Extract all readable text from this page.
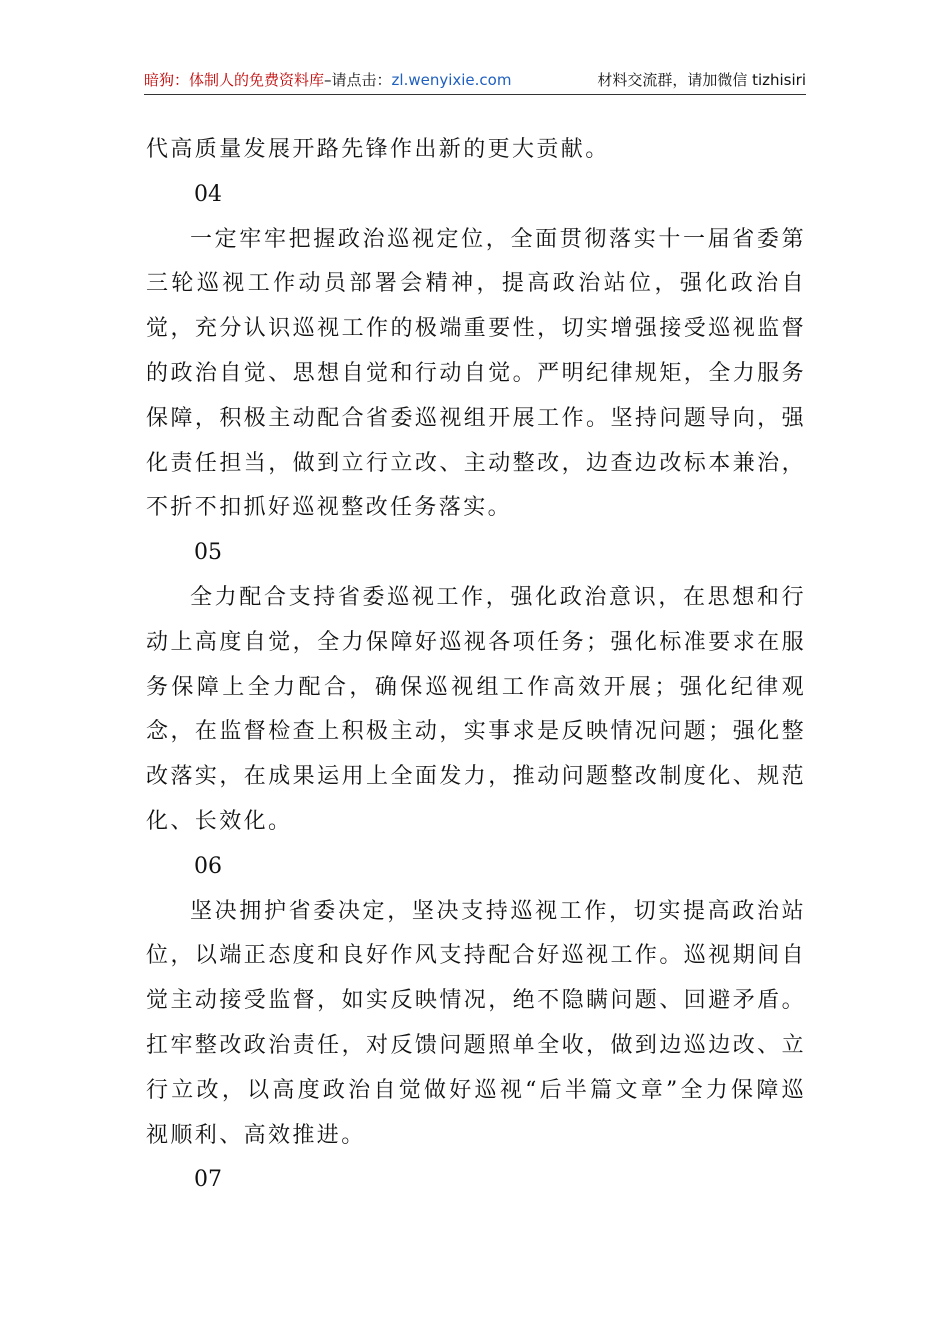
暗狗：体制人的免费资料库–请点击：zl.wenyixie.com	材料交流群，请加微信 tizhisiri

代高质量发展开路先锋作出新的更大贡献。

04

一定牢牢把握政治巡视定位，全面贯彻落实十一届省委第三轮巡视工作动员部署会精神，提高政治站位，强化政治自觉，充分认识巡视工作的极端重要性，切实增强接受巡视监督的政治自觉、思想自觉和行动自觉。严明纪律规矩，全力服务保障，积极主动配合省委巡视组开展工作。坚持问题导向，强化责任担当，做到立行立改、主动整改，边查边改标本兼治，不折不扣抓好巡视整改任务落实。

05

全力配合支持省委巡视工作，强化政治意识，在思想和行动上高度自觉，全力保障好巡视各项任务；强化标准要求在服务保障上全力配合，确保巡视组工作高效开展；强化纪律观念，在监督检查上积极主动，实事求是反映情况问题；强化整改落实，在成果运用上全面发力，推动问题整改制度化、规范化、长效化。

06

坚决拥护省委决定，坚决支持巡视工作，切实提高政治站位，以端正态度和良好作风支持配合好巡视工作。巡视期间自觉主动接受监督，如实反映情况，绝不隐瞒问题、回避矛盾。扛牢整改政治责任，对反馈问题照单全收，做到边巡边改、立行立改，以高度政治自觉做好巡视“后半篇文章”全力保障巡视顺利、高效推进。

07
